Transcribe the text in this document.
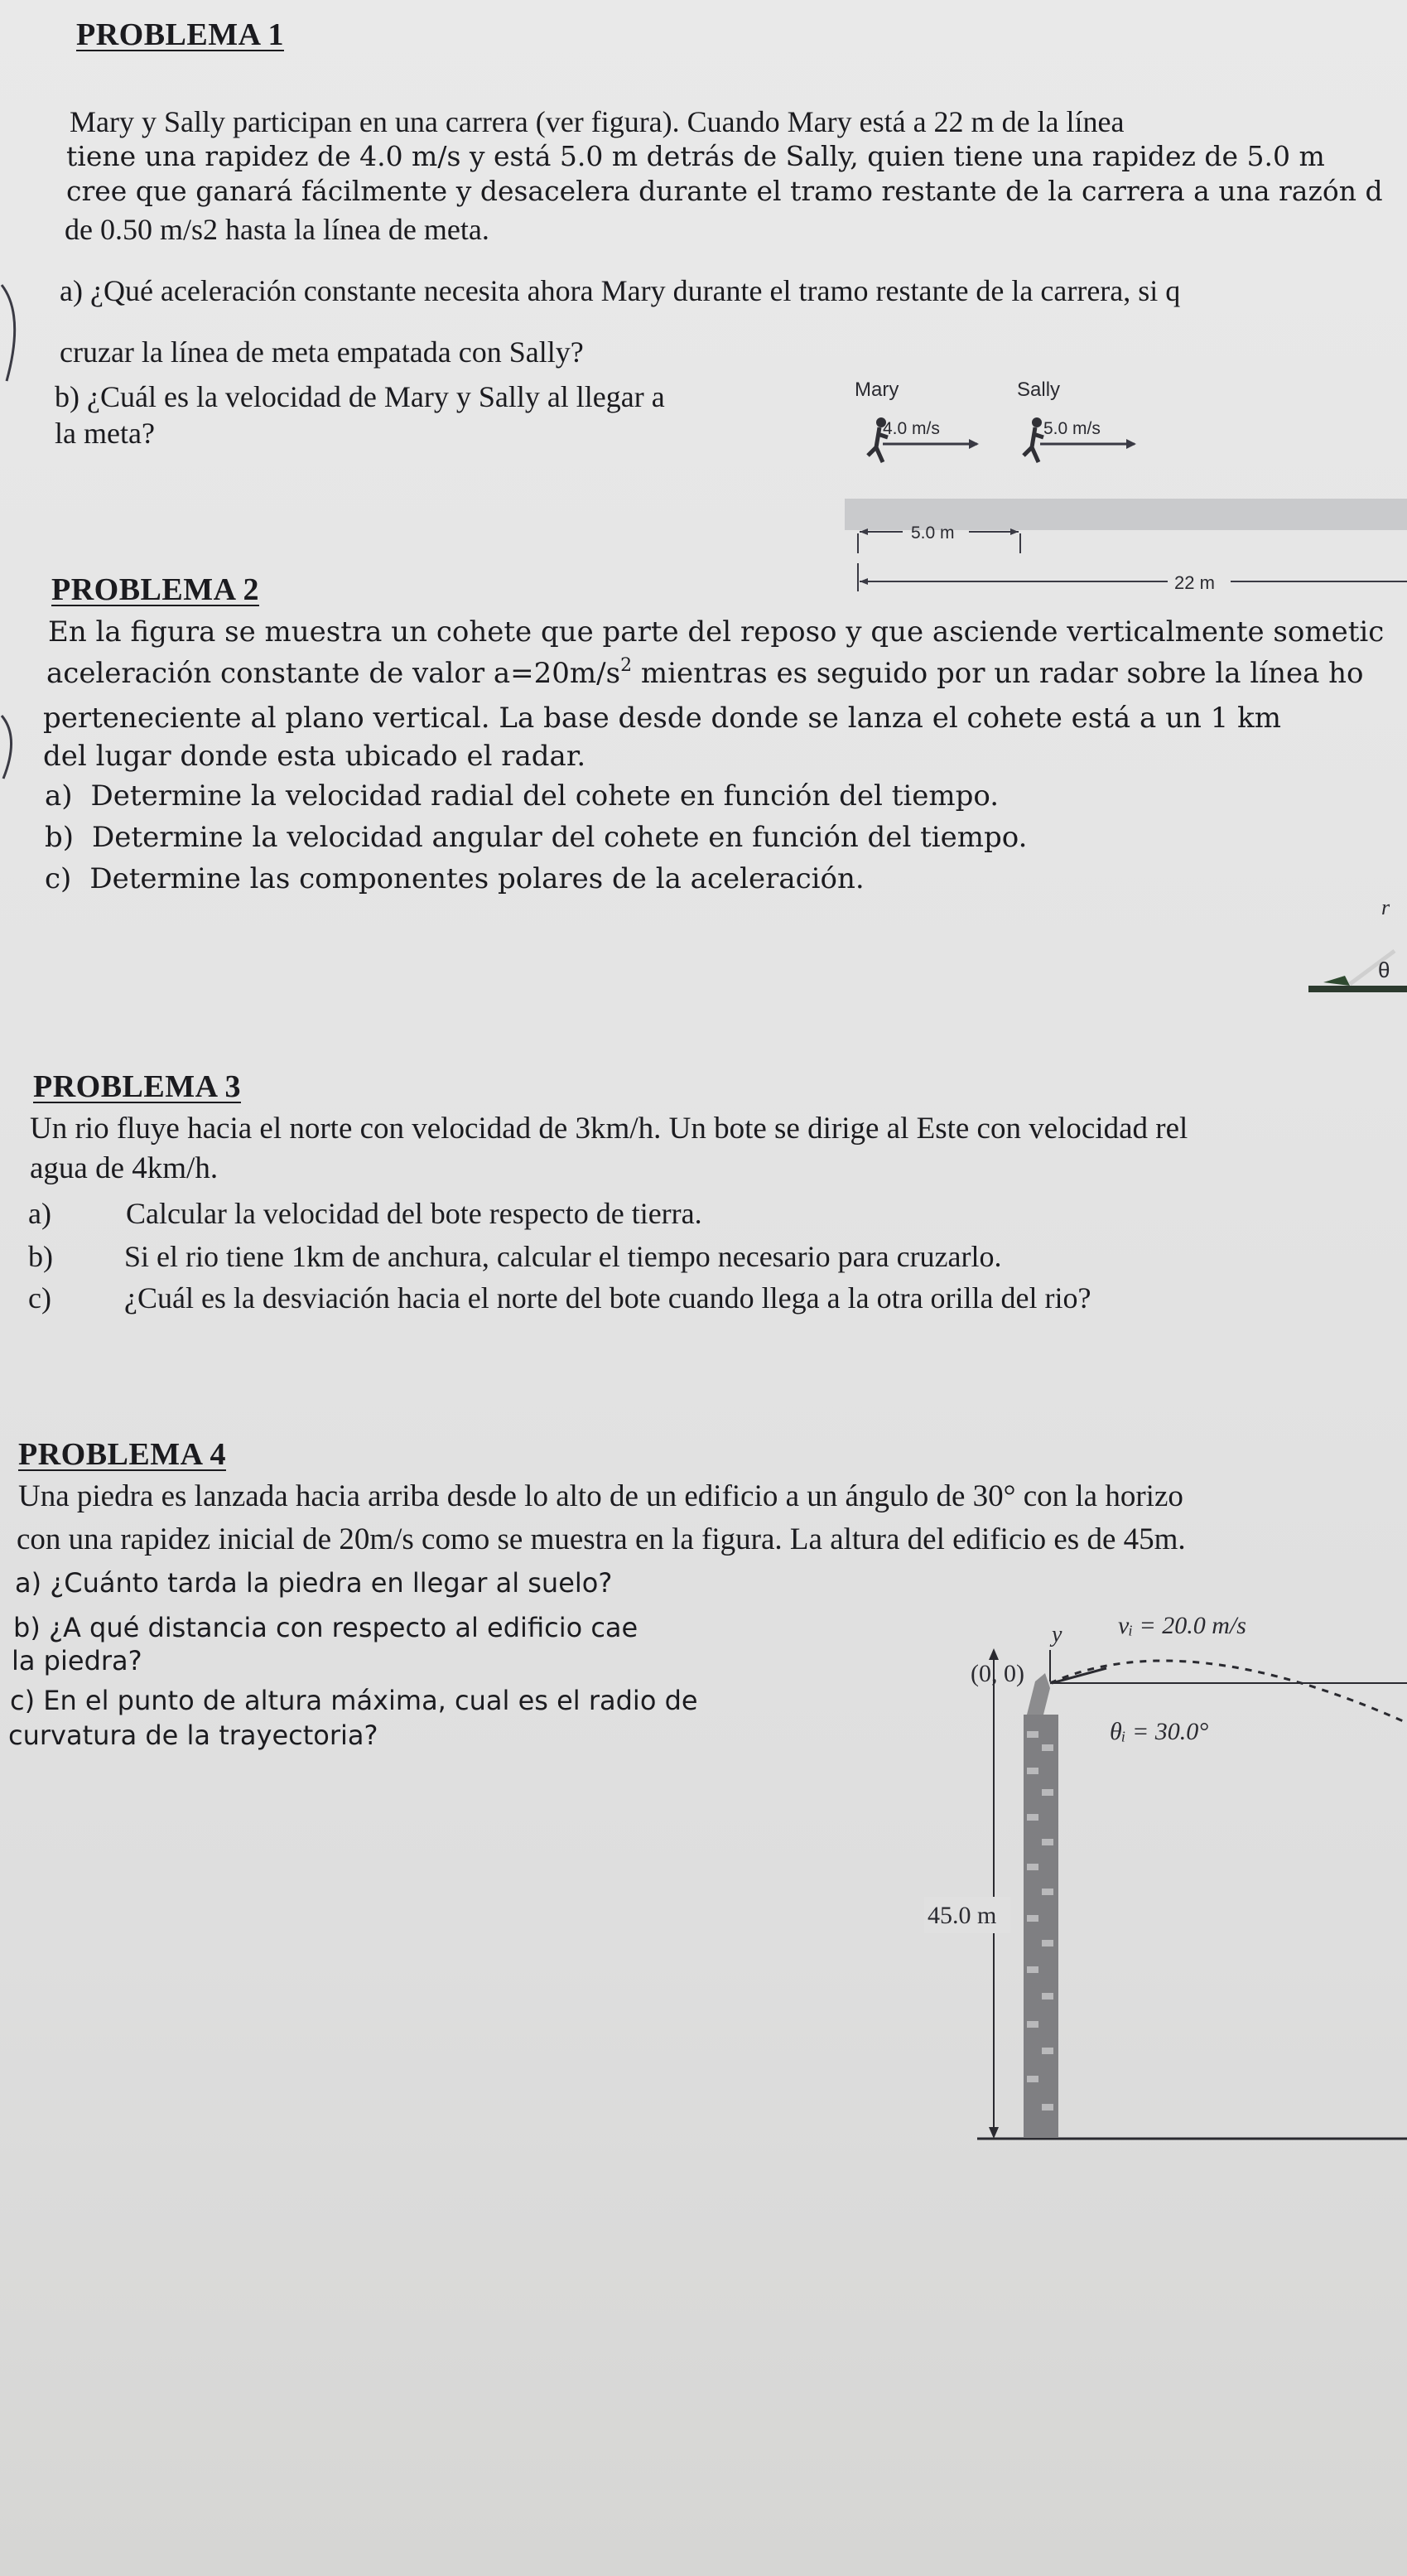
PROBLEMA 1
Mary y Sally participan en una carrera (ver figura). Cuando Mary está a 22 m de la línea
tiene una rapidez de 4.0 m/s y está 5.0 m detrás de Sally, quien tiene una rapidez de 5.0 m
cree que ganará fácilmente y desacelera durante el tramo restante de la carrera a una razón d
de 0.50 m/s2 hasta la línea de meta.
a) ¿Qué aceleración constante necesita ahora Mary durante el tramo restante de la carrera, si q
cruzar la línea de meta empatada con Sally?
b) ¿Cuál es la velocidad de Mary y Sally al llegar a
la meta?
Mary	Sally
4.0 m/s	5.0 m/s
5.0 m
22 m
PROBLEMA 2
En la figura se muestra un cohete que parte del reposo y que asciende verticalmente sometic
aceleración constante de valor $a=20m/s^2$ mientras es seguido por un radar sobre la línea ho
perteneciente al plano vertical. La base desde donde se lanza el cohete está a un 1 km
del lugar donde esta ubicado el radar.
a) Determine la velocidad radial del cohete en función del tiempo.
b) Determine la velocidad angular del cohete en función del tiempo.
c) Determine las componentes polares de la aceleración.
r
θ
PROBLEMA 3
Un rio fluye hacia el norte con velocidad de 3km/h. Un bote se dirige al Este con velocidad rel
agua de 4km/h.
a)	Calcular la velocidad del bote respecto de tierra.
b) Si el rio tiene 1km de anchura, calcular el tiempo necesario para cruzarlo.
c) ¿Cuál es la desviación hacia el norte del bote cuando llega a la otra orilla del rio?
PROBLEMA 4
Una piedra es lanzada hacia arriba desde lo alto de un edificio a un ángulo de 30° con la horizo
con una rapidez inicial de 20m/s como se muestra en la figura. La altura del edificio es de 45m.
a) ¿Cuánto tarda la piedra en llegar al suelo?
b) ¿A qué distancia con respecto al edificio cae
la piedra?
c) En el punto de altura máxima, cual es el radio de
curvatura de la trayectoria?
y vᵢ = 20.0 m/s
(0, 0)
θᵢ = 30.0°
45.0 m
